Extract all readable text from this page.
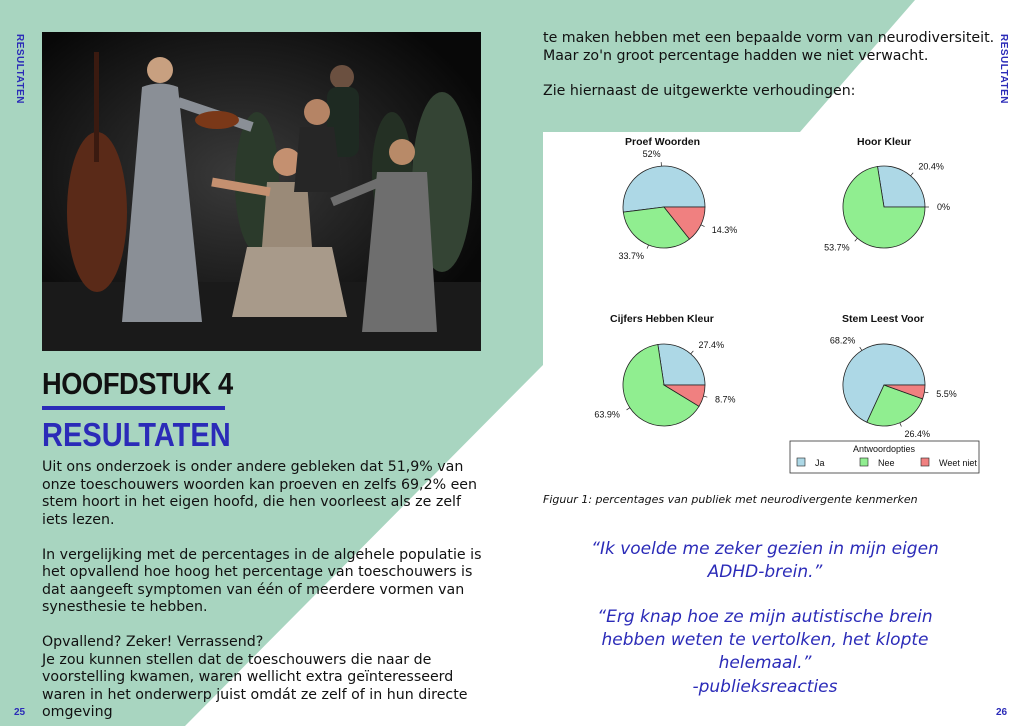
RESULTATEN	RESULTATEN
25	26
HOOFDSTUK 4
RESULTATEN

Uit ons onderzoek is onder andere gebleken dat 51,9% van onze toeschouwers woorden kan proeven en zelfs 69,2% een stem hoort in het eigen hoofd, die hen voorleest als ze zelf iets lezen.

In vergelijking met de percentages in de algehele populatie is het opvallend hoe hoog het percentage van toeschouwers is dat aangeeft symptomen van één of meerdere vormen van synesthesie te hebben.

Opvallend? Zeker! Verrassend?

Je zou kunnen stellen dat de toeschouwers die naar de voorstelling kwamen, waren wellicht extra geïnteresseerd waren in het onderwerp juist omdát ze zelf of in hun directe omgeving

te maken hebben met een bepaalde vorm van neurodiversiteit.

Maar zo'n groot percentage hadden we niet verwacht.

Zie hiernaast de uitgewerkte verhoudingen:

Proef Woorden	Hoor Kleur
Cijfers Hebben Kleur	Stem Leest Voor
Antwoordopties
Ja	Nee	Weet niet
52%
33.7%
14.3%
20.4%
53.7%
0%
27.4%
63.9%
8.7%
68.2%
26.4%
5.5%
Figuur 1: percentages van publiek met neurodivergente kenmerken
“Ik voelde me zeker gezien in mijn eigen ADHD-brein.”
“Erg knap hoe ze mijn autistische brein hebben weten te vertolken, het klopte helemaal.”
-publieksreacties
